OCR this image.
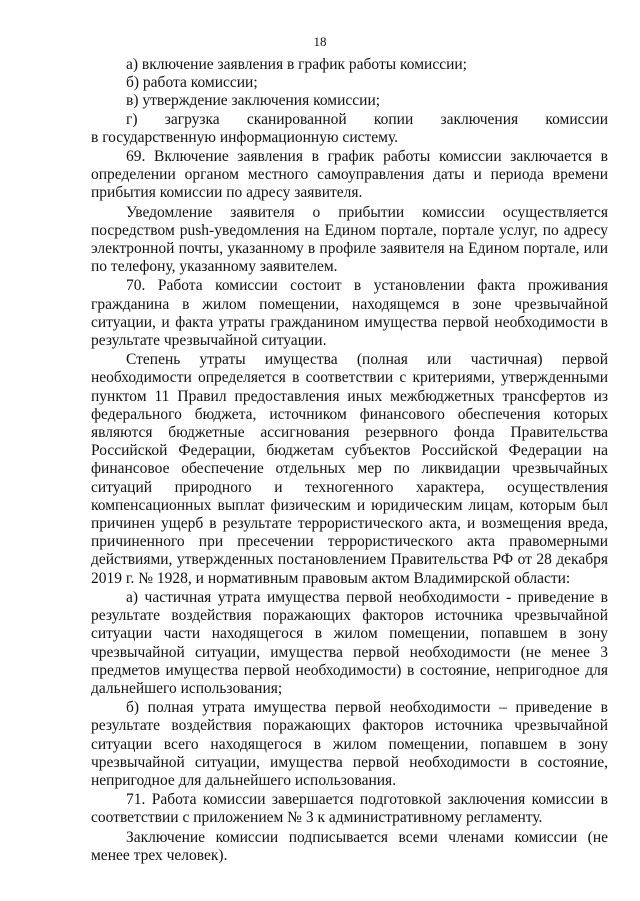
18

а) включение заявления в график работы комиссии;

б) работа комиссии;

в) утверждение заключения комиссии;

г) загрузка сканированной копии заключения комиссии

в государственную информационную систему.

69. Включение заявления в график работы комиссии заключается в определении органом местного самоуправления даты и периода времени прибытия комиссии по адресу заявителя.

Уведомление заявителя о прибытии комиссии осуществляется посредством push-уведомления на Едином портале, портале услуг, по адресу электронной почты, указанному в профиле заявителя на Едином портале, или по телефону, указанному заявителем.

70. Работа комиссии состоит в установлении факта проживания гражданина в жилом помещении, находящемся в зоне чрезвычайной ситуации, и факта утраты гражданином имущества первой необходимости в результате чрезвычайной ситуации.

Степень утраты имущества (полная или частичная) первой необходимости определяется в соответствии с критериями, утвержденными пунктом 11 Правил предоставления иных межбюджетных трансфертов из федерального бюджета, источником финансового обеспечения которых являются бюджетные ассигнования резервного фонда Правительства Российской Федерации, бюджетам субъектов Российской Федерации на финансовое обеспечение отдельных мер по ликвидации чрезвычайных ситуаций природного и техногенного характера, осуществления компенсационных выплат физическим и юридическим лицам, которым был причинен ущерб в результате террористического акта, и возмещения вреда, причиненного при пресечении террористического акта правомерными действиями, утвержденных постановлением Правительства РФ от 28 декабря 2019 г. № 1928, и нормативным правовым актом Владимирской области:

а) частичная утрата имущества первой необходимости - приведение в результате воздействия поражающих факторов источника чрезвычайной ситуации части находящегося в жилом помещении, попавшем в зону чрезвычайной ситуации, имущества первой необходимости (не менее 3 предметов имущества первой необходимости) в состояние, непригодное для дальнейшего использования;

б) полная утрата имущества первой необходимости – приведение в результате воздействия поражающих факторов источника чрезвычайной ситуации всего находящегося в жилом помещении, попавшем в зону чрезвычайной ситуации, имущества первой необходимости в состояние, непригодное для дальнейшего использования.

71. Работа комиссии завершается подготовкой заключения комиссии в соответствии с приложением № 3 к административному регламенту.

Заключение комиссии подписывается всеми членами комиссии (не менее трех человек).
